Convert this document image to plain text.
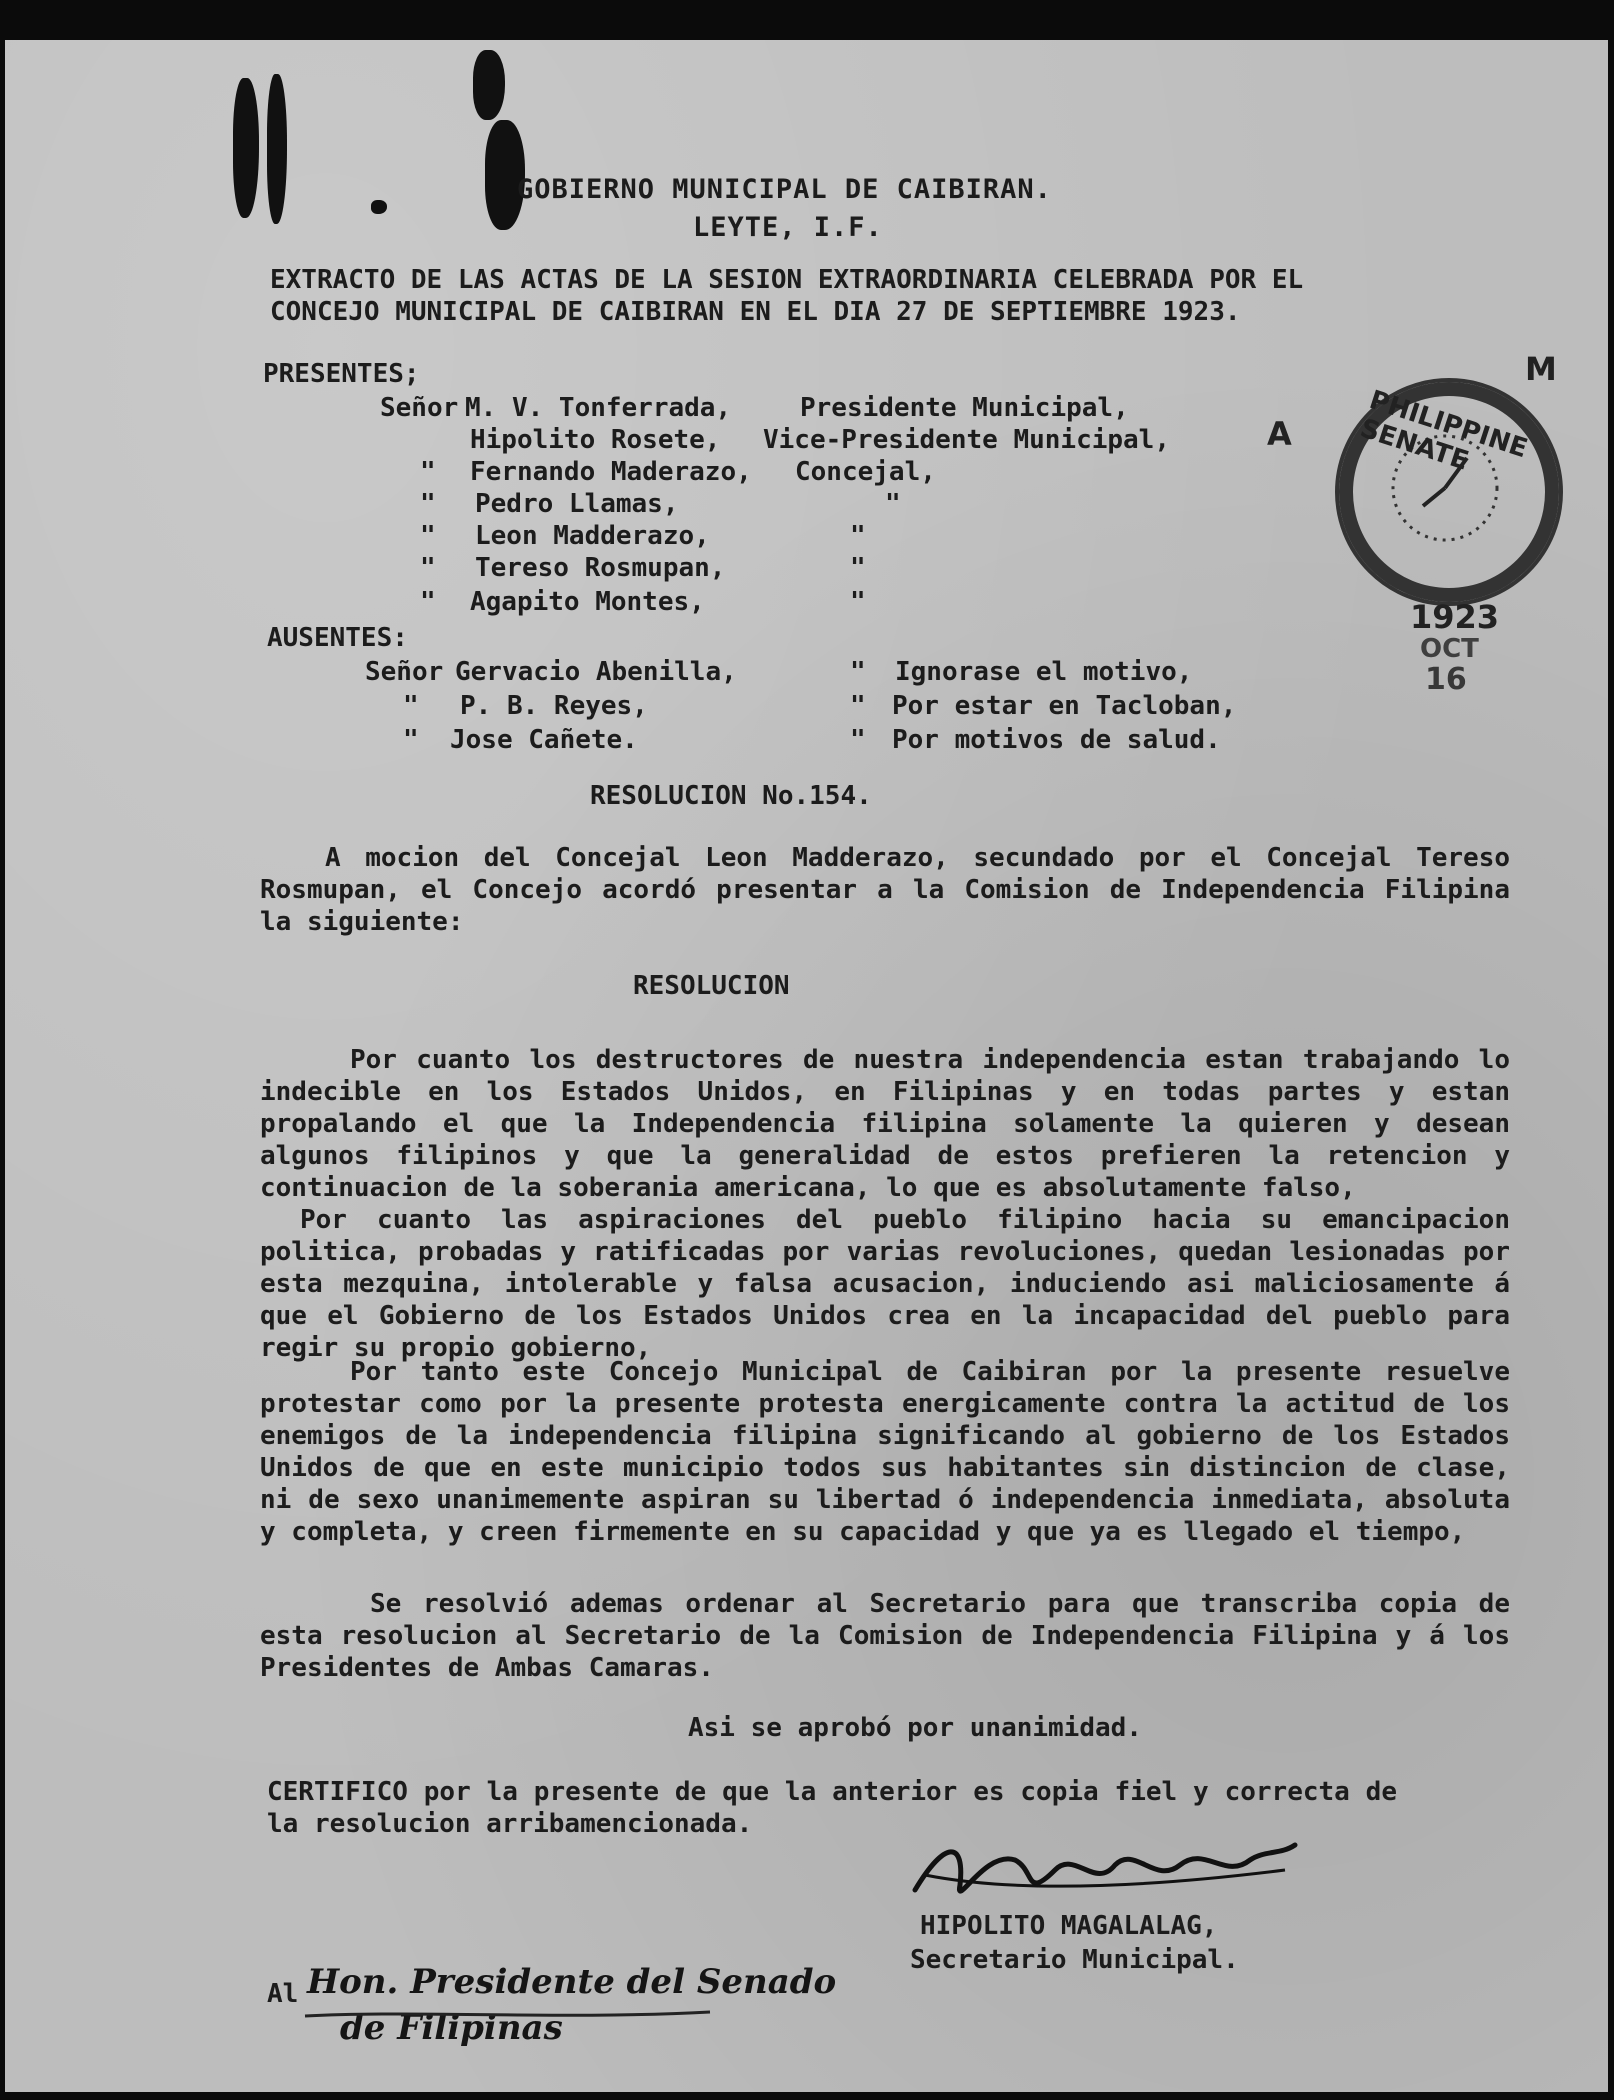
GOBIERNO MUNICIPAL DE CAIBIRAN.
LEYTE, I.F.
EXTRACTO DE LAS ACTAS DE LA SESION EXTRAORDINARIA CELEBRADA POR EL
CONCEJO MUNICIPAL DE CAIBIRAN EN EL DIA 27 DE SEPTIEMBRE 1923.
PRESENTES;
Señor M. V. Tonferrada,	Presidente Municipal,
Hipolito Rosete, Vice-Presidente Municipal,
" Fernando Maderazo, Concejal,
" Pedro Llamas,	"
" Leon Madderazo,	"
" Tereso Rosmupan,	"
" Agapito Montes,	"
AUSENTES:
Señor Gervacio Abenilla,	" Ignorase el motivo,
" P. B. Reyes,	" Por estar en Tacloban,
" Jose Cañete.	" Por motivos de salud.
RESOLUCION No.154.
A mocion del Concejal Leon Madderazo, secundado por el Concejal Tereso Rosmupan, el Concejo acordó presentar a la Comision de Independencia Filipina la siguiente:
RESOLUCION
Por cuanto los destructores de nuestra independencia estan trabajando lo indecible en los Estados Unidos, en Filipinas y en todas partes y estan propalando el que la Independencia filipina solamente la quieren y desean algunos filipinos y que la generalidad de estos prefieren la retencion y continuacion de la soberania americana, lo que es absolutamente falso,
Por cuanto las aspiraciones del pueblo filipino hacia su emancipacion politica, probadas y ratificadas por varias revoluciones, quedan lesionadas por esta mezquina, intolerable y falsa acusacion, induciendo asi maliciosamente á que el Gobierno de los Estados Unidos crea en la incapacidad del pueblo para regir su propio gobierno,
Por tanto este Concejo Municipal de Caibiran por la presente resuelve protestar como por la presente protesta energicamente contra la actitud de los enemigos de la independencia filipina significando al gobierno de los Estados Unidos de que en este municipio todos sus habitantes sin distincion de clase, ni de sexo unanimemente aspiran su libertad ó independencia inmediata, absoluta y completa, y creen firmemente en su capacidad y que ya es llegado el tiempo,
Se resolvió ademas ordenar al Secretario para que transcriba copia de esta resolucion al Secretario de la Comision de Independencia Filipina y á los Presidentes de Ambas Camaras.
Asi se aprobó por unanimidad.
CERTIFICO por la presente de que la anterior es copia fiel y correcta de la resolucion arribamencionada.
HIPOLITO MAGALALAG,
Secretario Municipal.
Al Hon. Presidente del Senado
de Filipinas
PHILIPPINE SENATE
A
M
1923
OCT
16
